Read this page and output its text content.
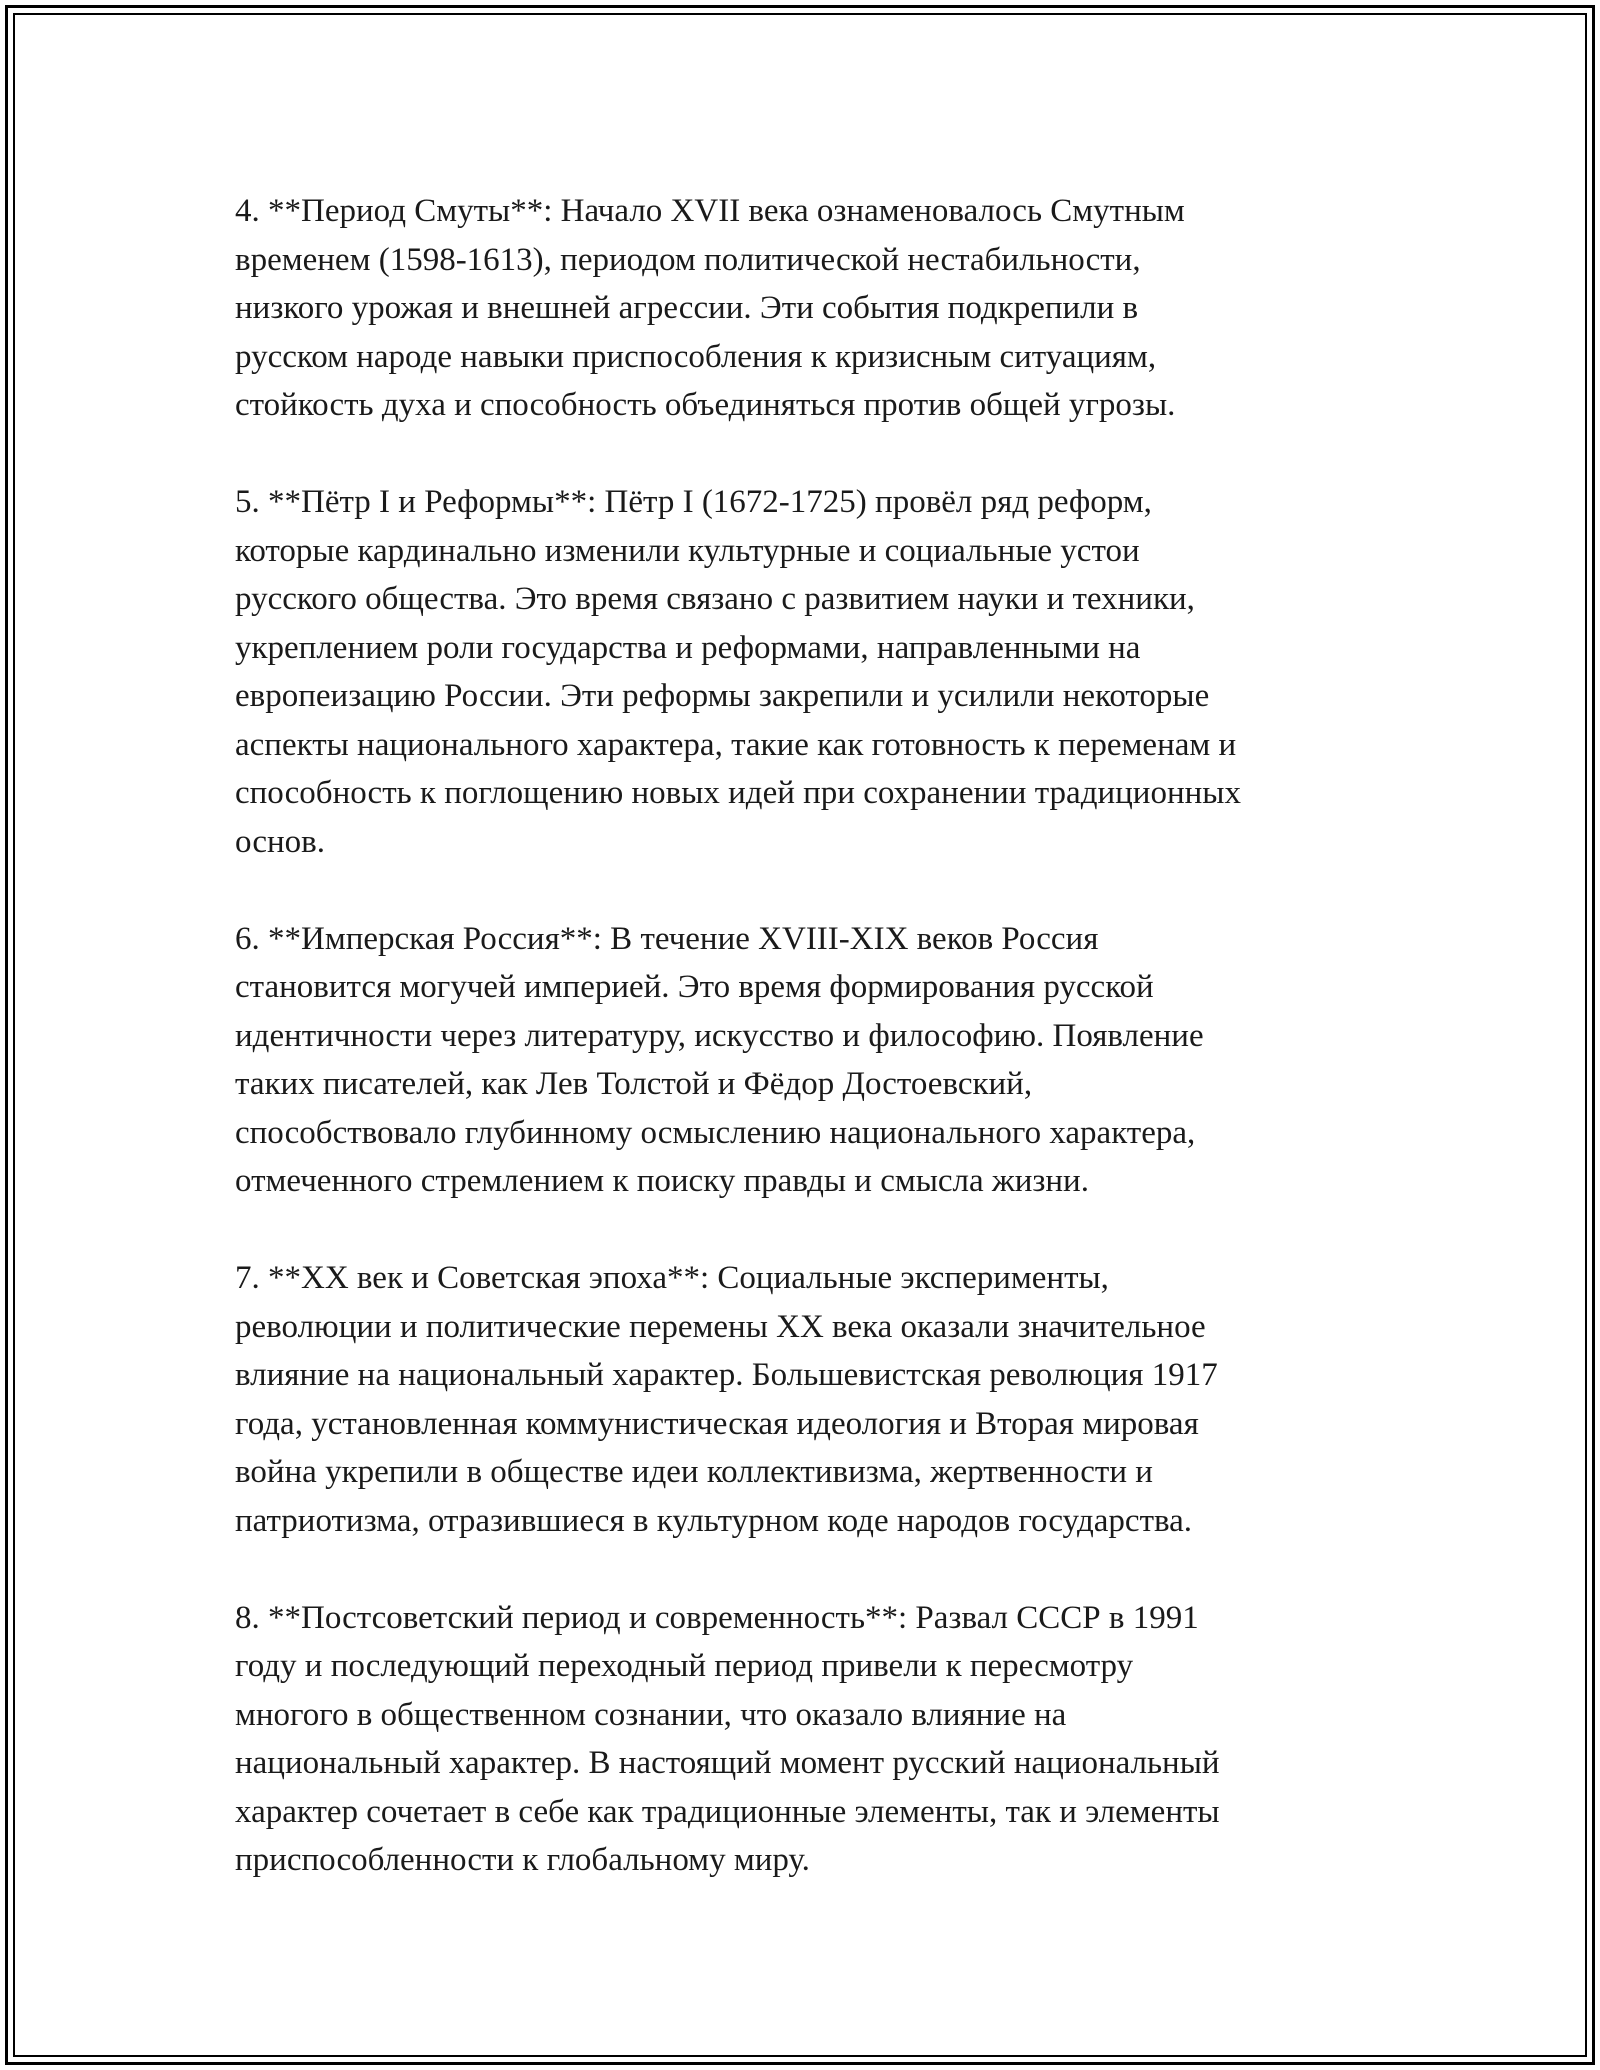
4. **Период Смуты**: Начало XVII века ознаменовалось Смутным
временем (1598-1613), периодом политической нестабильности,
низкого урожая и внешней агрессии. Эти события подкрепили в
русском народе навыки приспособления к кризисным ситуациям,
стойкость духа и способность объединяться против общей угрозы.

5. **Пётр I и Реформы**: Пётр I (1672-1725) провёл ряд реформ,
которые кардинально изменили культурные и социальные устои
русского общества. Это время связано с развитием науки и техники,
укреплением роли государства и реформами, направленными на
европеизацию России. Эти реформы закрепили и усилили некоторые
аспекты национального характера, такие как готовность к переменам и
способность к поглощению новых идей при сохранении традиционных
основ.

6. **Имперская Россия**: В течение XVIII-XIX веков Россия
становится могучей империей. Это время формирования русской
идентичности через литературу, искусство и философию. Появление
таких писателей, как Лев Толстой и Фёдор Достоевский,
способствовало глубинному осмыслению национального характера,
отмеченного стремлением к поиску правды и смысла жизни.

7. **XX век и Советская эпоха**: Социальные эксперименты,
революции и политические перемены XX века оказали значительное
влияние на национальный характер. Большевистская революция 1917
года, установленная коммунистическая идеология и Вторая мировая
война укрепили в обществе идеи коллективизма, жертвенности и
патриотизма, отразившиеся в культурном коде народов государства.

8. **Постсоветский период и современность**: Развал СССР в 1991
году и последующий переходный период привели к пересмотру
многого в общественном сознании, что оказало влияние на
национальный характер. В настоящий момент русский национальный
характер сочетает в себе как традиционные элементы, так и элементы
приспособленности к глобальному миру.
